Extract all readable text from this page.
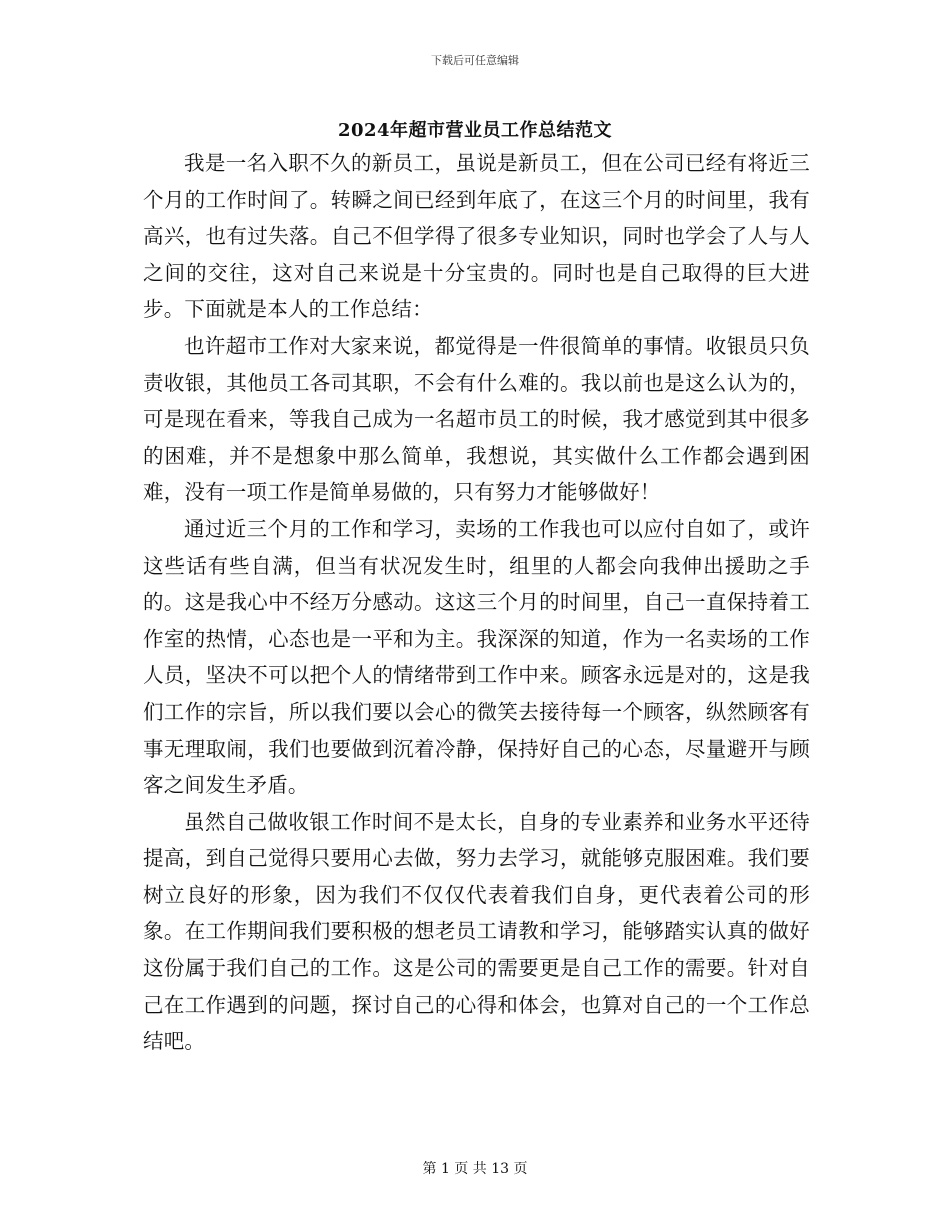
下载后可任意编辑
2024年超市营业员工作总结范文

我是一名入职不久的新员工，虽说是新员工，但在公司已经有将近三个月的工作时间了。转瞬之间已经到年底了，在这三个月的时间里，我有高兴，也有过失落。自己不但学得了很多专业知识，同时也学会了人与人之间的交往，这对自己来说是十分宝贵的。同时也是自己取得的巨大进步。下面就是本人的工作总结：

也许超市工作对大家来说，都觉得是一件很简单的事情。收银员只负责收银，其他员工各司其职，不会有什么难的。我以前也是这么认为的，可是现在看来，等我自己成为一名超市员工的时候，我才感觉到其中很多的困难，并不是想象中那么简单，我想说，其实做什么工作都会遇到困难，没有一项工作是简单易做的，只有努力才能够做好！

通过近三个月的工作和学习，卖场的工作我也可以应付自如了，或许这些话有些自满，但当有状况发生时，组里的人都会向我伸出援助之手的。这是我心中不经万分感动。这这三个月的时间里，自己一直保持着工作室的热情，心态也是一平和为主。我深深的知道，作为一名卖场的工作人员，坚决不可以把个人的情绪带到工作中来。顾客永远是对的，这是我们工作的宗旨，所以我们要以会心的微笑去接待每一个顾客，纵然顾客有事无理取闹，我们也要做到沉着冷静，保持好自己的心态，尽量避开与顾客之间发生矛盾。

虽然自己做收银工作时间不是太长，自身的专业素养和业务水平还待提高，到自己觉得只要用心去做，努力去学习，就能够克服困难。我们要树立良好的形象，因为我们不仅仅代表着我们自身，更代表着公司的形象。在工作期间我们要积极的想老员工请教和学习，能够踏实认真的做好这份属于我们自己的工作。这是公司的需要更是自己工作的需要。针对自己在工作遇到的问题，探讨自己的心得和体会，也算对自己的一个工作总结吧。

第 1 页 共 13 页
